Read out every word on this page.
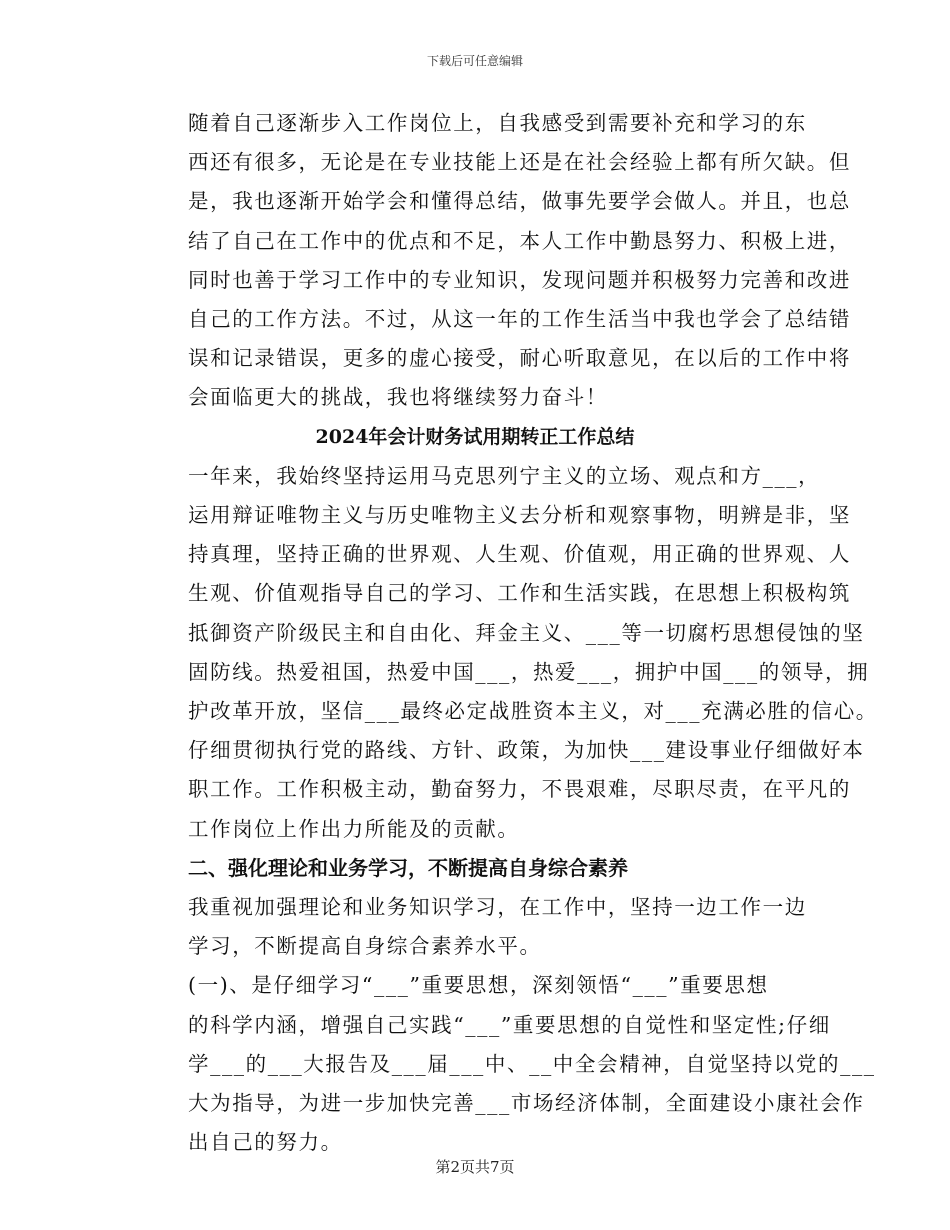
下载后可任意编辑

随着自己逐渐步入工作岗位上，自我感受到需要补充和学习的东
西还有很多，无论是在专业技能上还是在社会经验上都有所欠缺。但
是，我也逐渐开始学会和懂得总结，做事先要学会做人。并且，也总
结了自己在工作中的优点和不足，本人工作中勤恳努力、积极上进，
同时也善于学习工作中的专业知识，发现问题并积极努力完善和改进
自己的工作方法。不过，从这一年的工作生活当中我也学会了总结错
误和记录错误，更多的虚心接受，耐心听取意见，在以后的工作中将
会面临更大的挑战，我也将继续努力奋斗！

2024年会计财务试用期转正工作总结

一年来，我始终坚持运用马克思列宁主义的立场、观点和方___，
运用辩证唯物主义与历史唯物主义去分析和观察事物，明辨是非，坚
持真理，坚持正确的世界观、人生观、价值观，用正确的世界观、人
生观、价值观指导自己的学习、工作和生活实践，在思想上积极构筑
抵御资产阶级民主和自由化、拜金主义、___等一切腐朽思想侵蚀的坚
固防线。热爱祖国，热爱中国___，热爱___，拥护中国___的领导，拥
护改革开放，坚信___最终必定战胜资本主义，对___充满必胜的信心。
仔细贯彻执行党的路线、方针、政策，为加快___建设事业仔细做好本
职工作。工作积极主动，勤奋努力，不畏艰难，尽职尽责，在平凡的
工作岗位上作出力所能及的贡献。

二、强化理论和业务学习，不断提高自身综合素养

我重视加强理论和业务知识学习，在工作中，坚持一边工作一边
学习，不断提高自身综合素养水平。

(一)、是仔细学习“___”重要思想，深刻领悟“___”重要思想
的科学内涵，增强自己实践“___”重要思想的自觉性和坚定性;仔细
学___的___大报告及___届___中、__中全会精神，自觉坚持以党的___
大为指导，为进一步加快完善___市场经济体制，全面建设小康社会作
出自己的努力。

第2页共7页
